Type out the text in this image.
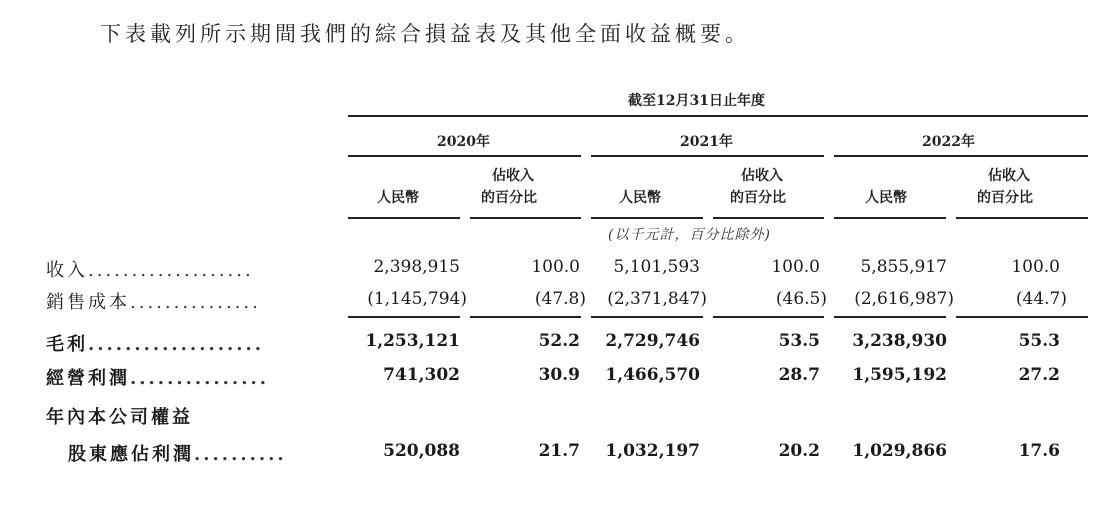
下表載列所示期間我們的綜合損益表及其他全面收益概要。
截至12月31日止年度
2020年	2021年	2022年
人民幣
佔收入
的百分比	人民幣
佔收入
的百分比	人民幣
佔收入
的百分比
(以千元計，百分比除外)
收入...................	2,398,915	100.0 5,101,593	100.0 5,855,917	100.0
銷售成本...............	(1,145,794)	(47.8) (2,371,847)	(46.5) (2,616,987)	(44.7)
毛利...................	1,253,121	52.2 2,729,746	53.5 3,238,930	55.3
經營利潤...............	741,302	30.9 1,466,570	28.7 1,595,192	27.2
年內本公司權益
股東應佔利潤..........	520,088	21.7 1,032,197	20.2 1,029,866	17.6
